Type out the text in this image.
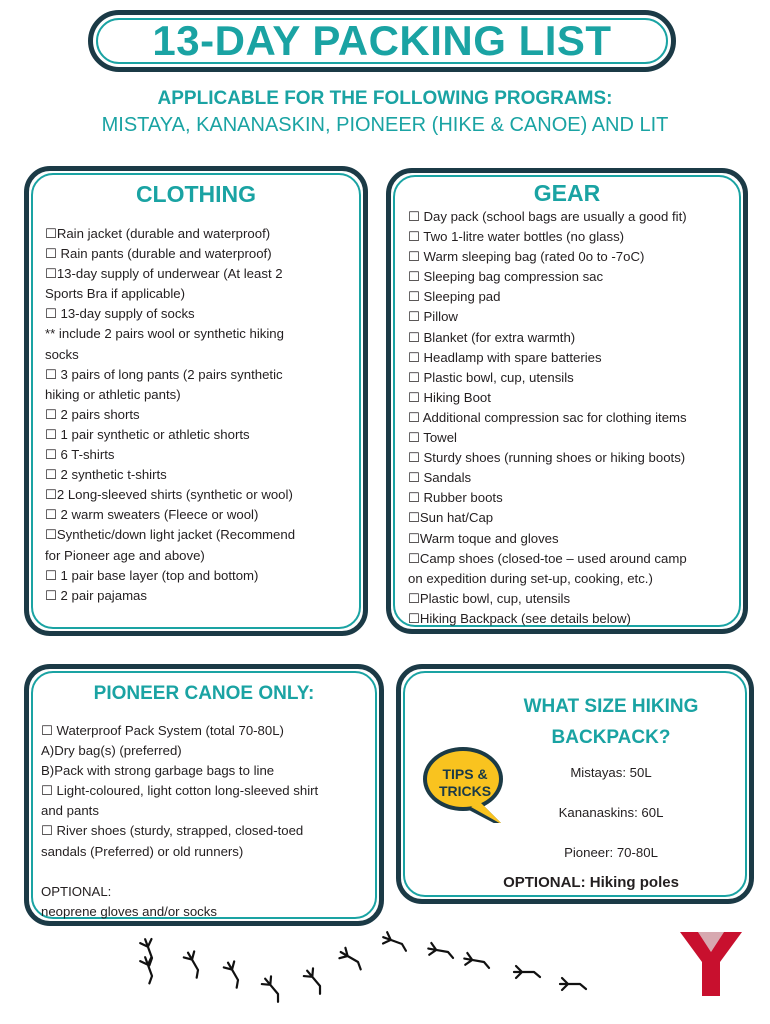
13-DAY PACKING LIST
APPLICABLE FOR THE FOLLOWING PROGRAMS:
MISTAYA, KANANASKIN, PIONEER (HIKE & CANOE) AND LIT
CLOTHING
☐Rain jacket (durable and waterproof)
☐ Rain pants (durable and waterproof)
☐13-day supply of underwear (At least 2
Sports Bra if applicable)
☐ 13-day supply of socks
** include 2 pairs wool or synthetic hiking
socks
☐ 3 pairs of long pants (2 pairs synthetic
hiking or athletic pants)
☐ 2 pairs shorts
☐ 1 pair synthetic or athletic shorts
☐ 6 T-shirts
☐ 2 synthetic t-shirts
☐2 Long-sleeved shirts (synthetic or wool)
☐ 2 warm sweaters (Fleece or wool)
☐Synthetic/down light jacket (Recommend
for Pioneer age and above)
☐ 1 pair base layer (top and bottom)
☐ 2 pair pajamas
GEAR
☐ Day pack (school bags are usually a good fit)
☐ Two 1-litre water bottles (no glass)
☐ Warm sleeping bag (rated 0o to -7oC)
☐ Sleeping bag compression sac
☐ Sleeping pad
☐ Pillow
☐ Blanket (for extra warmth)
☐ Headlamp with spare batteries
☐ Plastic bowl, cup, utensils
☐ Hiking Boot
☐ Additional compression sac for clothing items
☐ Towel
☐ Sturdy shoes (running shoes or hiking boots)
☐ Sandals
☐ Rubber boots
☐Sun hat/Cap
☐Warm toque and gloves
☐Camp shoes (closed-toe – used around camp
on expedition during set-up, cooking, etc.)
☐Plastic bowl, cup, utensils
☐Hiking Backpack (see details below)
PIONEER CANOE ONLY:
☐ Waterproof Pack System (total 70-80L)
A)Dry bag(s) (preferred)
B)Pack with strong garbage bags to line
☐ Light-coloured, light cotton long-sleeved shirt
and pants
☐ River shoes (sturdy, strapped, closed-toed
sandals (Preferred) or old runners)

OPTIONAL:
neoprene gloves and/or socks
WHAT SIZE HIKING
BACKPACK?
TIPS &
TRICKS
Mistayas: 50L
Kananaskins: 60L
Pioneer: 70-80L
OPTIONAL: Hiking poles
